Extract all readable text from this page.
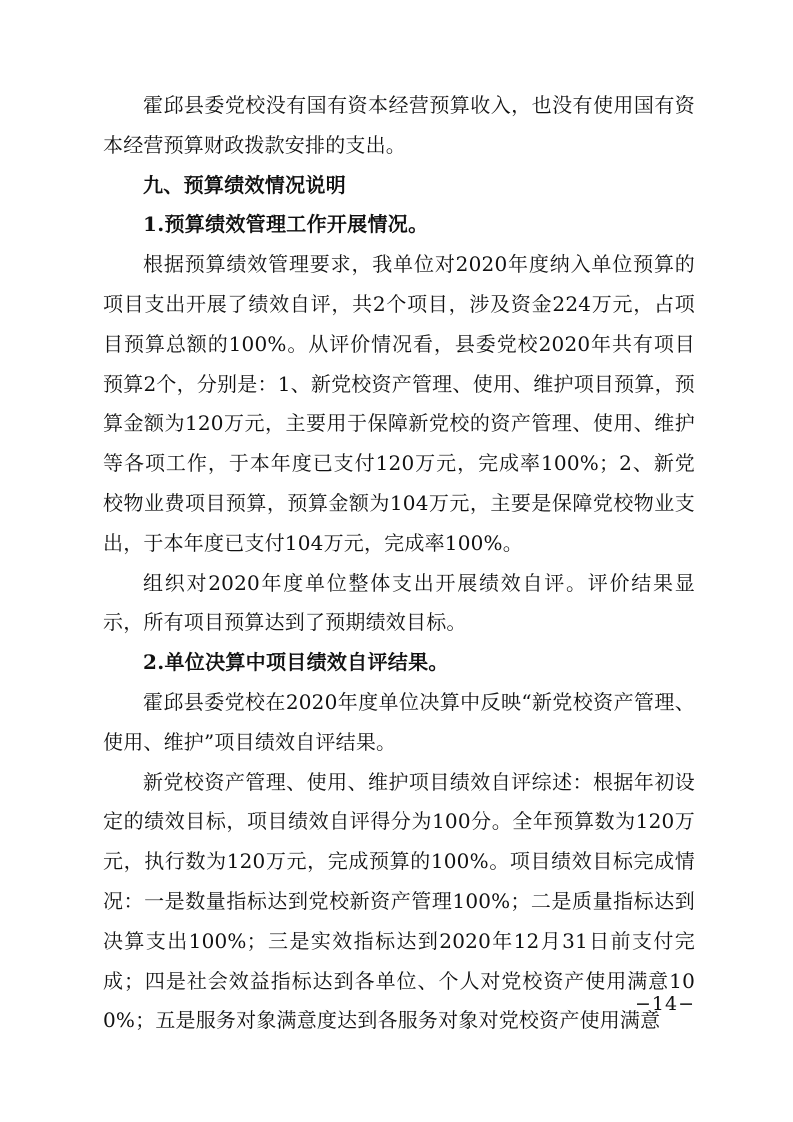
霍邱县委党校没有国有资本经营预算收入，也没有使用国有资本经营预算财政拨款安排的支出。

九、预算绩效情况说明

1.预算绩效管理工作开展情况。

根据预算绩效管理要求，我单位对2020年度纳入单位预算的项目支出开展了绩效自评，共2个项目，涉及资金224万元，占项目预算总额的100%。从评价情况看，县委党校2020年共有项目预算2个，分别是：1、新党校资产管理、使用、维护项目预算，预算金额为120万元，主要用于保障新党校的资产管理、使用、维护等各项工作，于本年度已支付120万元，完成率100%；2、新党校物业费项目预算，预算金额为104万元，主要是保障党校物业支出，于本年度已支付104万元，完成率100%。

组织对2020年度单位整体支出开展绩效自评。评价结果显示，所有项目预算达到了预期绩效目标。

2.单位决算中项目绩效自评结果。

霍邱县委党校在2020年度单位决算中反映“新党校资产管理、使用、维护”项目绩效自评结果。

新党校资产管理、使用、维护项目绩效自评综述：根据年初设定的绩效目标，项目绩效自评得分为100分。全年预算数为120万元，执行数为120万元，完成预算的100%。项目绩效目标完成情况：一是数量指标达到党校新资产管理100%；二是质量指标达到决算支出100%；三是实效指标达到2020年12月31日前支付完成；四是社会效益指标达到各单位、个人对党校资产使用满意100%；五是服务对象满意度达到各服务对象对党校资产使用满意

−14−
